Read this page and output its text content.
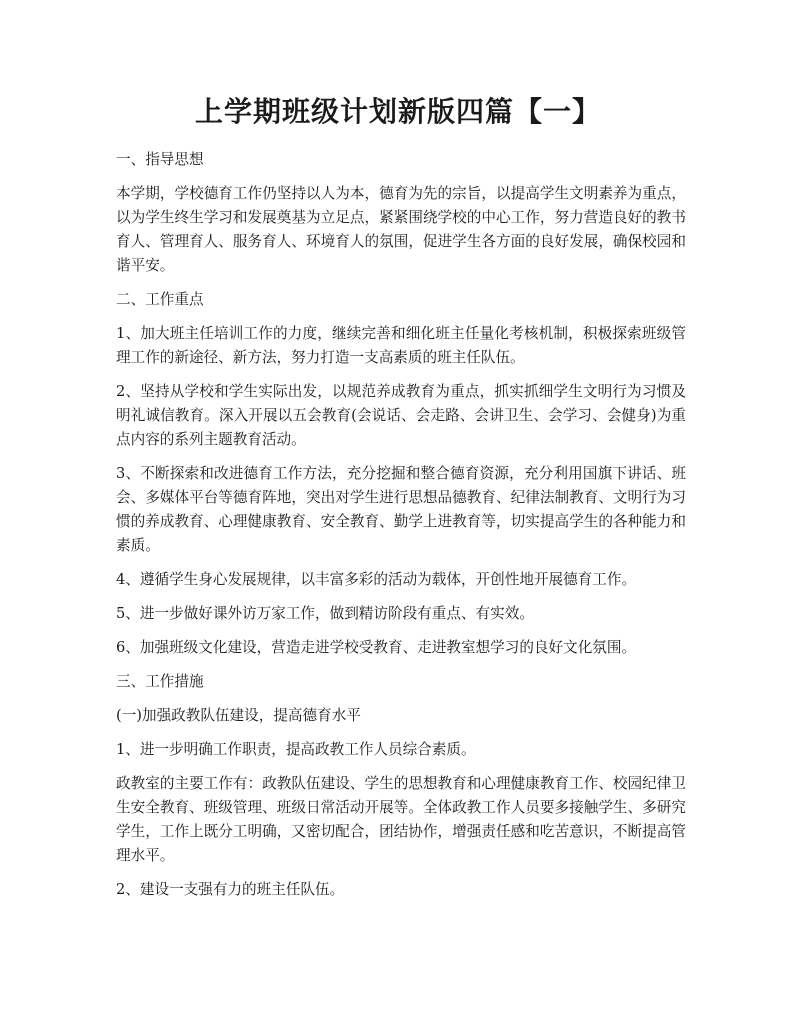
上学期班级计划新版四篇【一】

一、指导思想

本学期，学校德育工作仍坚持以人为本，德育为先的宗旨，以提高学生文明素养为重点，以为学生终生学习和发展奠基为立足点，紧紧围绕学校的中心工作，努力营造良好的教书育人、管理育人、服务育人、环境育人的氛围，促进学生各方面的良好发展，确保校园和谐平安。

二、工作重点

1、加大班主任培训工作的力度，继续完善和细化班主任量化考核机制，积极探索班级管理工作的新途径、新方法，努力打造一支高素质的班主任队伍。

2、坚持从学校和学生实际出发，以规范养成教育为重点，抓实抓细学生文明行为习惯及明礼诚信教育。深入开展以五会教育(会说话、会走路、会讲卫生、会学习、会健身)为重点内容的系列主题教育活动。

3、不断探索和改进德育工作方法，充分挖掘和整合德育资源，充分利用国旗下讲话、班会、多媒体平台等德育阵地，突出对学生进行思想品德教育、纪律法制教育、文明行为习惯的养成教育、心理健康教育、安全教育、勤学上进教育等，切实提高学生的各种能力和素质。

4、遵循学生身心发展规律，以丰富多彩的活动为载体，开创性地开展德育工作。

5、进一步做好课外访万家工作，做到精访阶段有重点、有实效。

6、加强班级文化建设，营造走进学校受教育、走进教室想学习的良好文化氛围。

三、工作措施

(一)加强政教队伍建设，提高德育水平

1、进一步明确工作职责，提高政教工作人员综合素质。

政教室的主要工作有：政教队伍建设、学生的思想教育和心理健康教育工作、校园纪律卫生安全教育、班级管理、班级日常活动开展等。全体政教工作人员要多接触学生、多研究学生，工作上既分工明确，又密切配合，团结协作，增强责任感和吃苦意识，不断提高管理水平。

2、建设一支强有力的班主任队伍。
